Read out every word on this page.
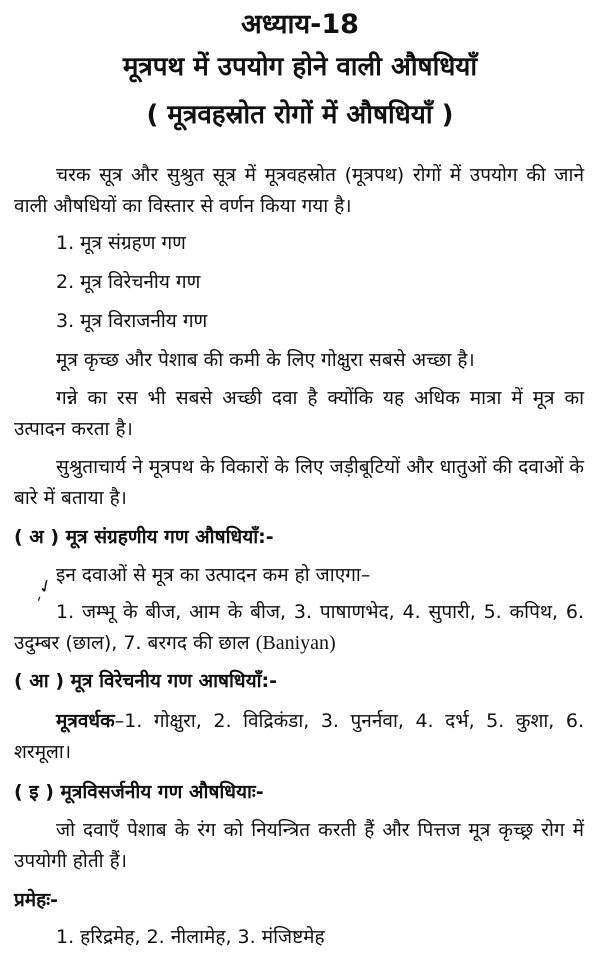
अध्याय-18
मूत्रपथ में उपयोग होने वाली औषधियाँ
( मूत्रवहस्रोत रोगों में औषधियाँ )
चरक सूत्र और सुश्रुत सूत्र में मूत्रवहस्रोत (मूत्रपथ) रोगों में उपयोग की जाने वाली औषधियों का विस्तार से वर्णन किया गया है।
1. मूत्र संग्रहण गण
2. मूत्र विरेचनीय गण
3. मूत्र विराजनीय गण
मूत्र कृच्छ और पेशाब की कमी के लिए गोक्षुरा सबसे अच्छा है।
गन्ने का रस भी सबसे अच्छी दवा है क्योंकि यह अधिक मात्रा में मूत्र का उत्पादन करता है।
सुश्रुताचार्य ने मूत्रपथ के विकारों के लिए जड़ीबूटियों और धातुओं की दवाओं के बारे में बताया है।
( अ ) मूत्र संग्रहणीय गण औषधियाँ:-
ˏ✓
इन दवाओं से मूत्र का उत्पादन कम हो जाएगा–
1. जम्भू के बीज, आम के बीज, 3. पाषाणभेद, 4. सुपारी, 5. कपिथ, 6. उदुम्बर (छाल), 7. बरगद की छाल (Baniyan)
( आ ) मूत्र विरेचनीय गण आषधियाँ:-
मूत्रवर्धक–1. गोक्षुरा, 2. विद्रिकंडा, 3. पुनर्नवा, 4. दर्भ, 5. कुशा, 6. शरमूला।
( इ ) मूत्रविसर्जनीय गण औषधियाः-
जो दवाएँ पेशाब के रंग को नियन्त्रित करती हैं और पित्तज मूत्र कृच्छ्र रोग में उपयोगी होती हैं।
प्रमेहः-
1. हरिद्रमेह, 2. नीलामेह, 3. मंजिष्टमेह
